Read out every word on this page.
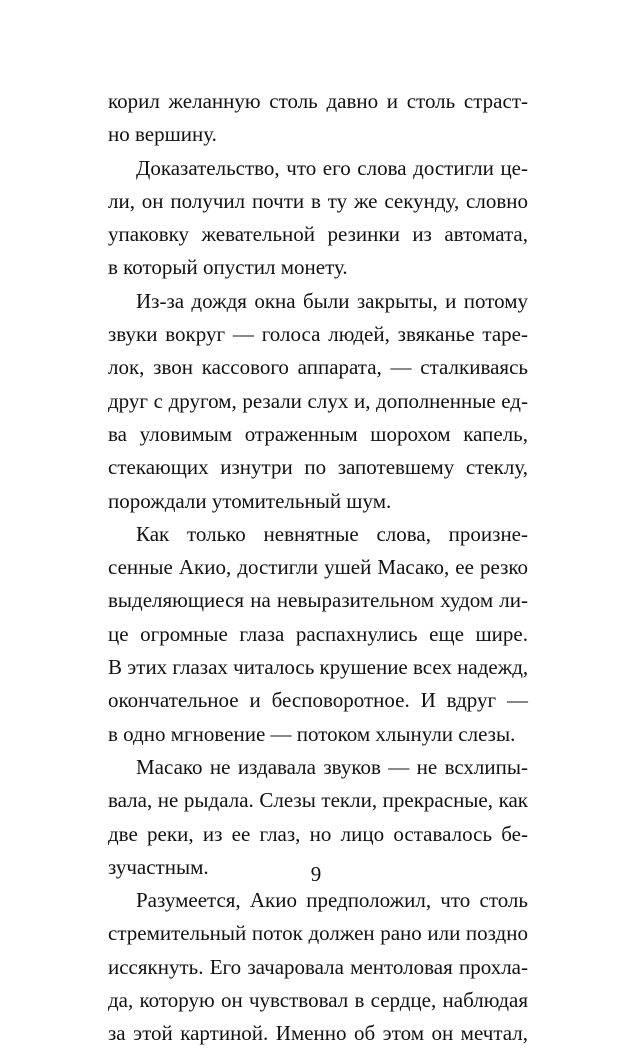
корил желанную столь давно и столь страст-
но вершину.
Доказательство, что его слова достигли це-
ли, он получил почти в ту же секунду, словно
упаковку жевательной резинки из автомата,
в который опустил монету.
Из-за дождя окна были закрыты, и потому
звуки вокруг — голоса людей, звяканье таре-
лок, звон кассового аппарата, — сталкиваясь
друг с другом, резали слух и, дополненные ед-
ва уловимым отраженным шорохом капель,
стекающих изнутри по запотевшему стеклу,
порождали утомительный шум.
Как только невнятные слова, произне-
сенные Акио, достигли ушей Масако, ее резко
выделяющиеся на невыразительном худом ли-
це огромные глаза распахнулись еще шире.
В этих глазах читалось крушение всех надежд,
окончательное и бесповоротное. И вдруг —
в одно мгновение — потоком хлынули слезы.
Масако не издавала звуков — не всхлипы-
вала, не рыдала. Слезы текли, прекрасные, как
две реки, из ее глаз, но лицо оставалось бе-
зучастным.
Разумеется, Акио предположил, что столь
стремительный поток должен рано или поздно
иссякнуть. Его зачаровала ментоловая прохла-
да, которую он чувствовал в сердце, наблюдая
за этой картиной. Именно об этом он мечтал,
9
